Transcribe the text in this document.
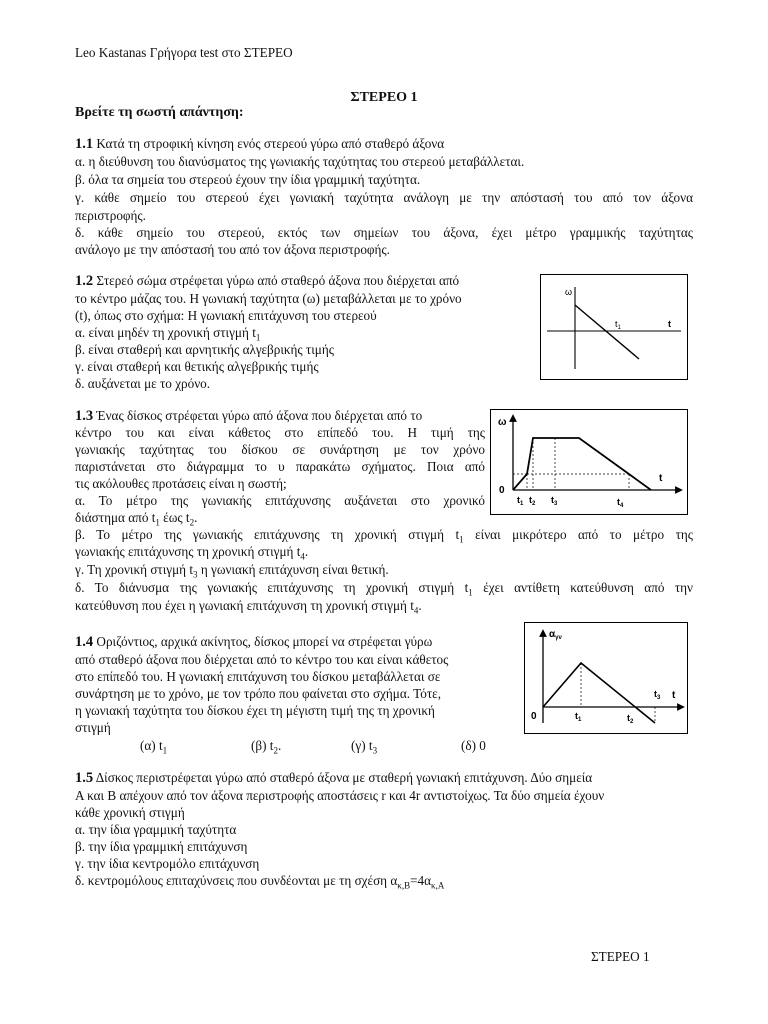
Leo Kastanas Γρήγορα test στο ΣΤΕΡΕΟ
ΣΤΕΡΕΟ 1
Βρείτε τη σωστή απάντηση:
1.1 Κατά τη στροφική κίνηση ενός στερεού γύρω από σταθερό άξονα
α. η διεύθυνση του διανύσματος της γωνιακής ταχύτητας του στερεού μεταβάλλεται.
β. όλα τα σημεία του στερεού έχουν την ίδια γραμμική ταχύτητα.
γ. κάθε σημείο του στερεού έχει γωνιακή ταχύτητα ανάλογη με την απόστασή του από τον άξονα
περιστροφής.
δ. κάθε σημείο του στερεού, εκτός των σημείων του άξονα, έχει μέτρο γραμμικής ταχύτητας
ανάλογο με την απόστασή του από τον άξονα περιστροφής.
1.2 Στερεό σώμα στρέφεται γύρω από σταθερό άξονα που διέρχεται από
το κέντρο μάζας του. Η γωνιακή ταχύτητα (ω) μεταβάλλεται με το χρόνο
(t), όπως στο σχήμα: Η γωνιακή επιτάχυνση του στερεού
α. είναι μηδέν τη χρονική στιγμή $t_1$
β. είναι σταθερή και αρνητικής αλγεβρικής τιμής
γ. είναι σταθερή και θετικής αλγεβρικής τιμής
δ. αυξάνεται με το χρόνο.
ω
t
$t_1$
1.3 Ένας δίσκος στρέφεται γύρω από άξονα που διέρχεται από το
κέντρο του και είναι κάθετος στο επίπεδό του. Η τιμή της
γωνιακής ταχύτητας του δίσκου σε συνάρτηση με τον χρόνο
παριστάνεται στο διάγραμμα το υ παρακάτω σχήματος. Ποια από
τις ακόλουθες προτάσεις είναι η σωστή;
α. Το μέτρο της γωνιακής επιτάχυνσης αυξάνεται στο χρονικό
διάστημα από $t_1$ έως $t_2$.
β. Το μέτρο της γωνιακής επιτάχυνσης τη χρονική στιγμή $t_1$ είναι μικρότερο από το μέτρο της
γωνιακής επιτάχυνσης τη χρονική στιγμή $t_4$.
γ. Τη χρονική στιγμή $t_3$ η γωνιακή επιτάχυνση είναι θετική.
δ. Το διάνυσμα της γωνιακής επιτάχυνσης τη χρονική στιγμή $t_1$ έχει αντίθετη κατεύθυνση από την
κατεύθυνση που έχει η γωνιακή επιτάχυνση τη χρονική στιγμή $t_4$.
ω
t
0
$t_1$ $t_2$ $t_3$	$t_4$
1.4 Οριζόντιος, αρχικά ακίνητος, δίσκος μπορεί να στρέφεται γύρω
από σταθερό άξονα που διέρχεται από το κέντρο του και είναι κάθετος
στο επίπεδό του. Η γωνιακή επιτάχυνση του δίσκου μεταβάλλεται σε
συνάρτηση με το χρόνο, με τον τρόπο που φαίνεται στο σχήμα. Τότε,
η γωνιακή ταχύτητα του δίσκου έχει τη μέγιστη τιμή της τη χρονική
στιγμή
(α) $t_1$	(β) $t_2$.	(γ) $t_3$	(δ) 0
$\alpha_{\gamma\nu}$
t
0	$t_1$	$t_2$
$t_3$
1.5 Δίσκος περιστρέφεται γύρω από σταθερό άξονα με σταθερή γωνιακή επιτάχυνση. Δύο σημεία
Α και Β απέχουν από τον άξονα περιστροφής αποστάσεις r και 4r αντιστοίχως. Τα δύο σημεία έχουν
κάθε χρονική στιγμή
α. την ίδια γραμμική ταχύτητα
β. την ίδια γραμμική επιτάχυνση
γ. την ίδια κεντρομόλο επιτάχυνση
δ. κεντρομόλους επιταχύνσεις που συνδέονται με τη σχέση $\alpha_{\kappa,B}=4\alpha_{\kappa,A}$
ΣΤΕΡΕΟ 1
